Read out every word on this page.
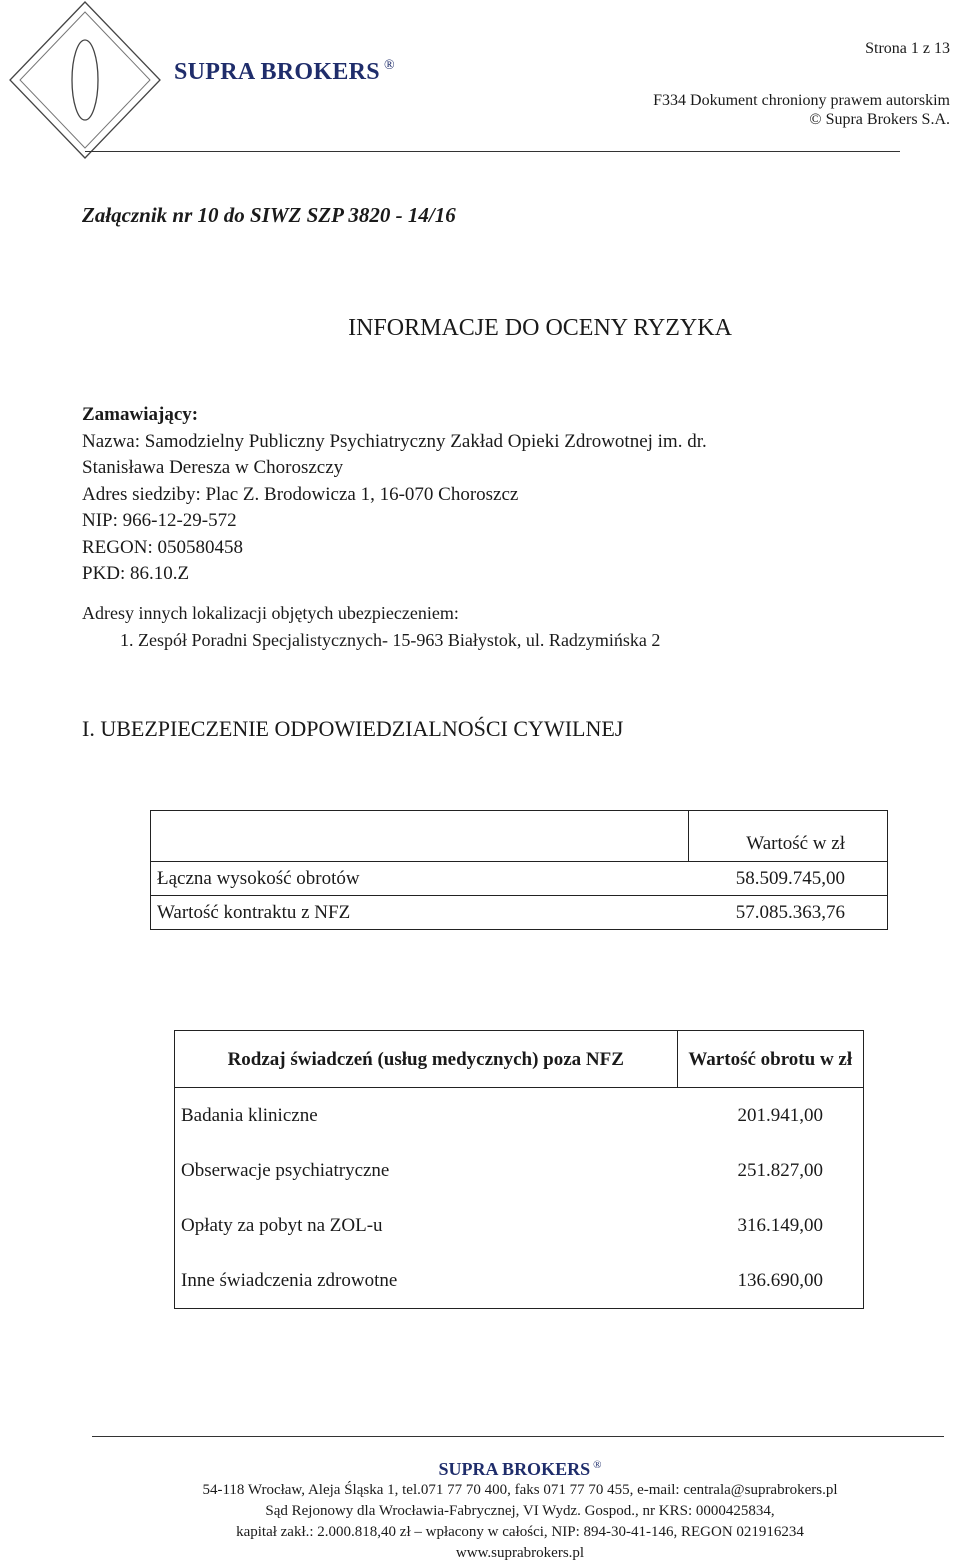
SUPRA BROKERS ®
Strona 1 z 13
F334 Dokument chroniony prawem autorskim
© Supra Brokers S.A.
Załącznik nr 10 do SIWZ SZP 3820 - 14/16
INFORMACJE DO OCENY RYZYKA
Zamawiający:
Nazwa: Samodzielny Publiczny Psychiatryczny Zakład Opieki Zdrowotnej im. dr.
Stanisława Deresza w Choroszczy
Adres siedziby: Plac Z. Brodowicza 1, 16-070 Choroszcz
NIP: 966-12-29-572
REGON: 050580458
PKD: 86.10.Z
Adresy innych lokalizacji objętych ubezpieczeniem:
1. Zespół Poradni Specjalistycznych- 15-963 Białystok, ul. Radzymińska 2
I. UBEZPIECZENIE ODPOWIEDZIALNOŚCI CYWILNEJ
	Wartość w zł
Łączna wysokość obrotów	58.509.745,00
Wartość kontraktu z NFZ	57.085.363,76
Rodzaj świadczeń (usług medycznych) poza NFZ	Wartość obrotu w zł
Badania kliniczne	201.941,00
Obserwacje psychiatryczne	251.827,00
Opłaty za pobyt na ZOL-u	316.149,00
Inne świadczenia zdrowotne	136.690,00
SUPRA BROKERS ®
54-118 Wrocław, Aleja Śląska 1, tel.071 77 70 400, faks 071 77 70 455, e-mail: centrala@suprabrokers.pl
Sąd Rejonowy dla Wrocławia-Fabrycznej, VI Wydz. Gospod., nr KRS: 0000425834,
kapitał zakł.: 2.000.818,40 zł – wpłacony w całości, NIP: 894-30-41-146, REGON 021916234
www.suprabrokers.pl
